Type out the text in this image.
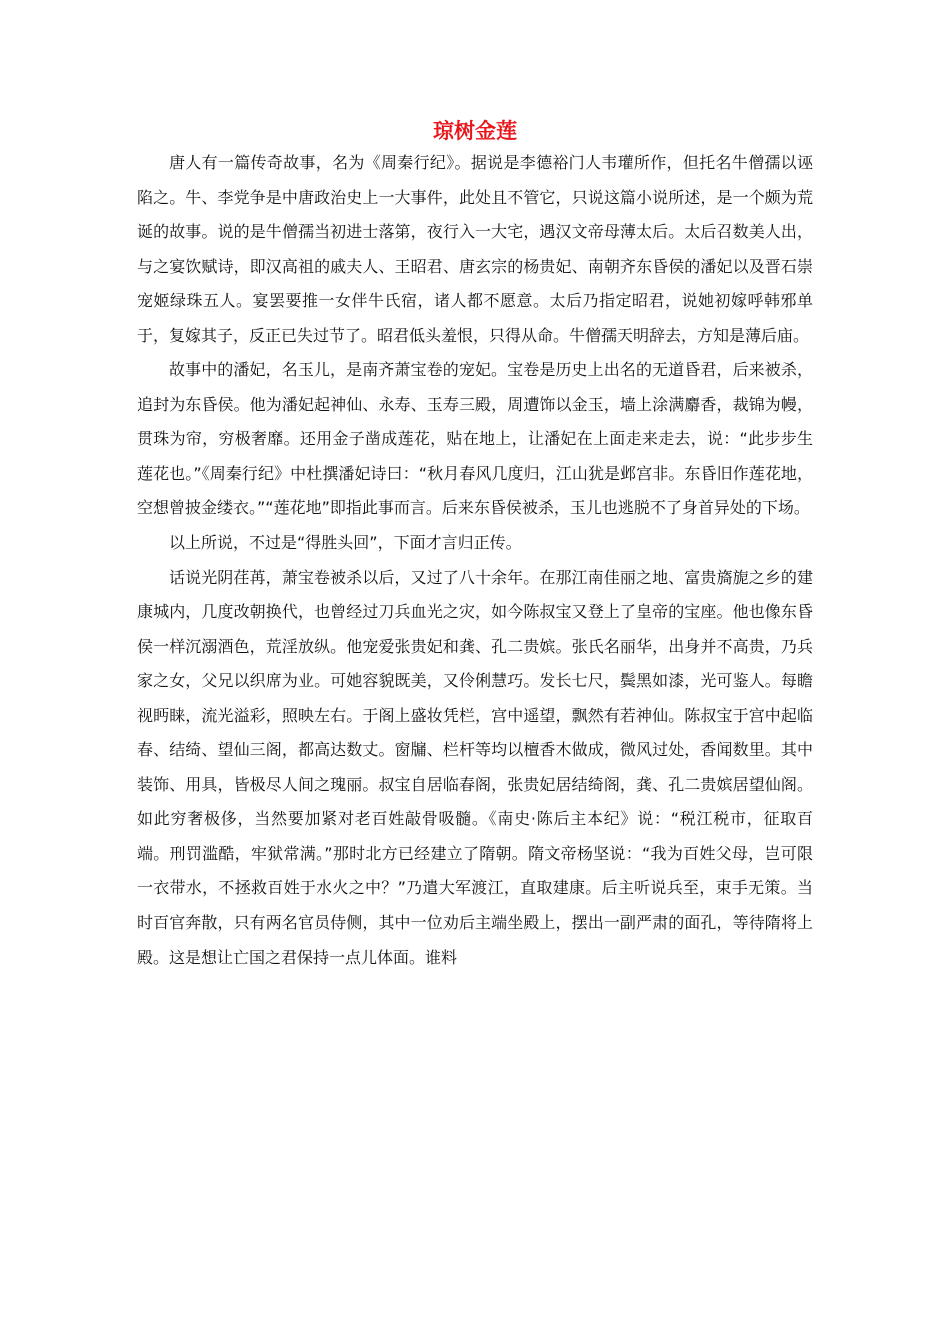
琼树金莲

唐人有一篇传奇故事，名为《周秦行纪》。据说是李德裕门人韦瓘所作，但托名牛僧孺以诬陷之。牛、李党争是中唐政治史上一大事件，此处且不管它，只说这篇小说所述，是一个颇为荒诞的故事。说的是牛僧孺当初进士落第，夜行入一大宅，遇汉文帝母薄太后。太后召数美人出，与之宴饮赋诗，即汉高祖的戚夫人、王昭君、唐玄宗的杨贵妃、南朝齐东昏侯的潘妃以及晋石崇宠姬绿珠五人。宴罢要推一女伴牛氏宿，诸人都不愿意。太后乃指定昭君，说她初嫁呼韩邪单于，复嫁其子，反正已失过节了。昭君低头羞恨，只得从命。牛僧孺天明辞去，方知是薄后庙。

故事中的潘妃，名玉儿，是南齐萧宝卷的宠妃。宝卷是历史上出名的无道昏君，后来被杀，追封为东昏侯。他为潘妃起神仙、永寿、玉寿三殿，周遭饰以金玉，墙上涂满麝香，裁锦为幔，贯珠为帘，穷极奢靡。还用金子凿成莲花，贴在地上，让潘妃在上面走来走去，说：“此步步生莲花也。”《周秦行纪》中杜撰潘妃诗曰：“秋月春风几度归，江山犹是邺宫非。东昏旧作莲花地，空想曾披金缕衣。”“莲花地”即指此事而言。后来东昏侯被杀，玉儿也逃脱不了身首异处的下场。

以上所说，不过是“得胜头回”，下面才言归正传。

话说光阴荏苒，萧宝卷被杀以后，又过了八十余年。在那江南佳丽之地、富贵旖旎之乡的建康城内，几度改朝换代，也曾经过刀兵血光之灾，如今陈叔宝又登上了皇帝的宝座。他也像东昏侯一样沉溺酒色，荒淫放纵。他宠爱张贵妃和龚、孔二贵嫔。张氏名丽华，出身并不高贵，乃兵家之女，父兄以织席为业。可她容貌既美，又伶俐慧巧。发长七尺，鬓黑如漆，光可鉴人。每瞻视眄睐，流光溢彩，照映左右。于阁上盛妆凭栏，宫中遥望，飘然有若神仙。陈叔宝于宫中起临春、结绮、望仙三阁，都高达数丈。窗牖、栏杆等均以檀香木做成，微风过处，香闻数里。其中装饰、用具，皆极尽人间之瑰丽。叔宝自居临春阁，张贵妃居结绮阁，龚、孔二贵嫔居望仙阁。如此穷奢极侈，当然要加紧对老百姓敲骨吸髓。《南史·陈后主本纪》说：“税江税市，征取百端。刑罚滥酷，牢狱常满。”那时北方已经建立了隋朝。隋文帝杨坚说：“我为百姓父母，岂可限一衣带水，不拯救百姓于水火之中？”乃遣大军渡江，直取建康。后主听说兵至，束手无策。当时百官奔散，只有两名官员侍侧，其中一位劝后主端坐殿上，摆出一副严肃的面孔，等待隋将上殿。这是想让亡国之君保持一点儿体面。谁料
